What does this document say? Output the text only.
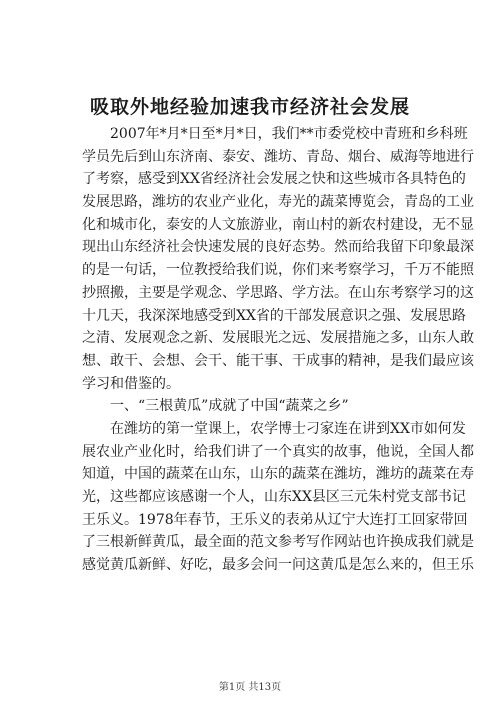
吸取外地经验加速我市经济社会发展
2007年*月*日至*月*日，我们**市委党校中青班和乡科班
学员先后到山东济南、泰安、潍坊、青岛、烟台、威海等地进行
了考察，感受到XX省经济社会发展之快和这些城市各具特色的
发展思路，潍坊的农业产业化，寿光的蔬菜博览会，青岛的工业
化和城市化，泰安的人文旅游业，南山村的新农村建设，无不显
现出山东经济社会快速发展的良好态势。然而给我留下印象最深
的是一句话，一位教授给我们说，你们来考察学习，千万不能照
抄照搬，主要是学观念、学思路、学方法。在山东考察学习的这
十几天，我深深地感受到XX省的干部发展意识之强、发展思路
之清、发展观念之新、发展眼光之远、发展措施之多，山东人敢
想、敢干、会想、会干、能干事、干成事的精神，是我们最应该
学习和借鉴的。
一、“三根黄瓜”成就了中国“蔬菜之乡”
在潍坊的第一堂课上，农学博士刁家连在讲到XX市如何发
展农业产业化时，给我们讲了一个真实的故事，他说，全国人都
知道，中国的蔬菜在山东，山东的蔬菜在潍坊，潍坊的蔬菜在寿
光，这些都应该感谢一个人，山东XX县区三元朱村党支部书记
王乐义。1978年春节，王乐义的表弟从辽宁大连打工回家带回
了三根新鲜黄瓜，最全面的范文参考写作网站也许换成我们就是
感觉黄瓜新鲜、好吃，最多会问一问这黄瓜是怎么来的，但王乐
第1页 共13页
